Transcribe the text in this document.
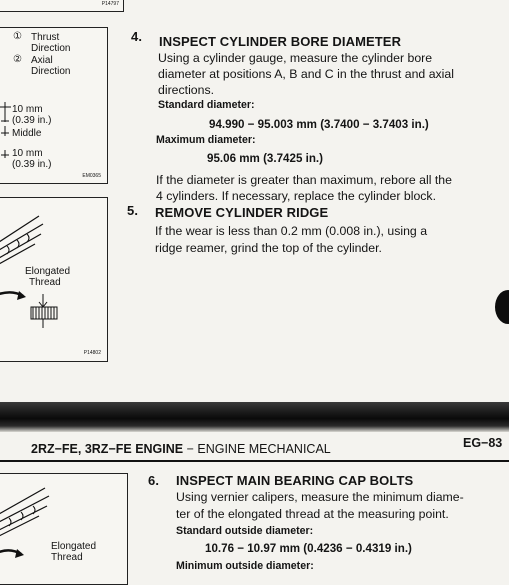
P14797
① Thrust
Direction
② Axial
Direction
10 mm
(0.39 in.)
Middle
10 mm
(0.39 in.)
EM0365
Elongated
Thread
P14802
4. INSPECT CYLINDER BORE DIAMETER
Using a cylinder gauge, measure the cylinder bore
diameter at positions A, B and C in the thrust and axial
directions.
Standard diameter:
94.990 − 95.003 mm (3.7400 − 3.7403 in.)
Maximum diameter:
95.06 mm (3.7425 in.)
If the diameter is greater than maximum, rebore all the
4 cylinders. If necessary, replace the cylinder block.
5. REMOVE CYLINDER RIDGE
If the wear is less than 0.2 mm (0.008 in.), using a
ridge reamer, grind the top of the cylinder.
2RZ−FE, 3RZ−FE ENGINE − ENGINE MECHANICAL	EG−83
Elongated
Thread
6. INSPECT MAIN BEARING CAP BOLTS
Using vernier calipers, measure the minimum diame-
ter of the elongated thread at the measuring point.
Standard outside diameter:
10.76 − 10.97 mm (0.4236 − 0.4319 in.)
Minimum outside diameter:
